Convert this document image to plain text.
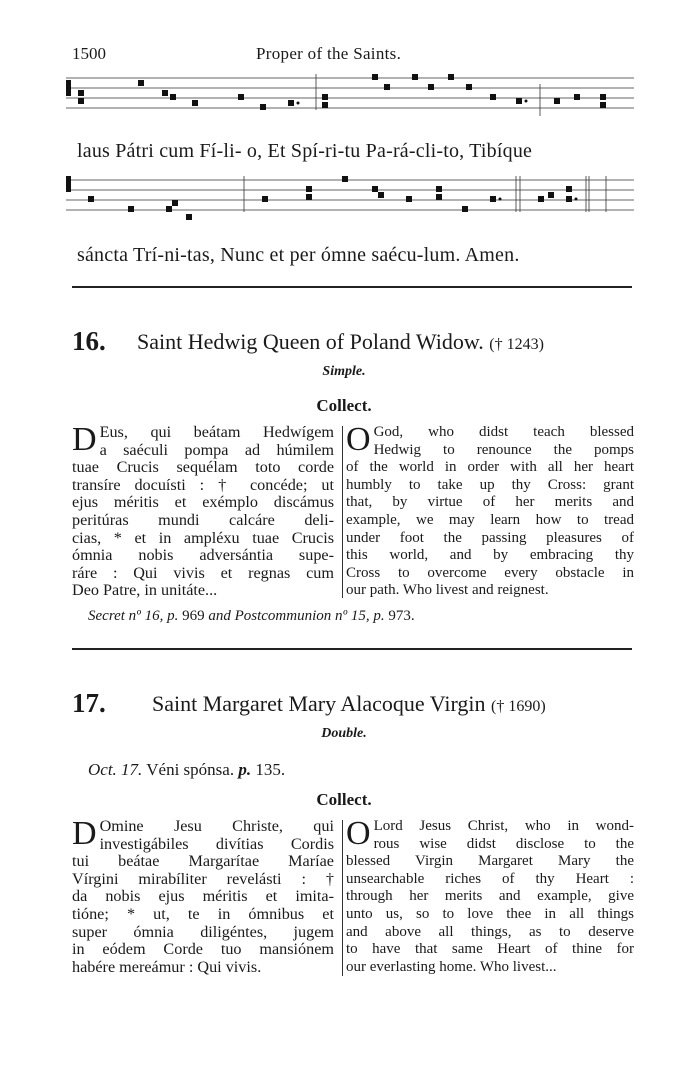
1500	Proper of the Saints.
laus Pátri cum Fí-li- o, Et Spí-ri-tu Pa-rá-cli-to, Tibíque
sáncta Trí-ni-tas, Nunc et per ómne saécu-lum. Amen.
16. Saint Hedwig Queen of Poland Widow. († 1243)
Simple.
Collect.
D Eus, qui beátam Hedwígem
a saéculi pompa ad húmilem
tuae Crucis sequélam toto corde
transíre docuísti : † concéde; ut
ejus méritis et exémplo discámus
peritúras mundi calcáre deli-
cias, * et in ampléxu tuae Crucis
ómnia nobis adversántia supe-
ráre : Qui vivis et regnas cum
Deo Patre, in unitáte...
O God, who didst teach blessed
Hedwig to renounce the pomps
of the world in order with all her heart
humbly to take up thy Cross: grant
that, by virtue of her merits and
example, we may learn how to tread
under foot the passing pleasures of
this world, and by embracing thy
Cross to overcome every obstacle in
our path. Who livest and reignest.
Secret nº 16, p. 969 and Postcommunion nº 15, p. 973.
17. Saint Margaret Mary Alacoque Virgin († 1690)
Double.
Oct. 17. Véni spónsa. p. 135.
Collect.
D Omine Jesu Christe, qui
investigábiles divítias Cordis
tui beátae Margarítae Maríae
Vírgini mirabíliter revelásti : †
da nobis ejus méritis et imita-
tióne; * ut, te in ómnibus et
super ómnia diligéntes, jugem
in eódem Corde tuo mansiónem
habére mereámur : Qui vivis.
O Lord Jesus Christ, who in wond-
rous wise didst disclose to the
blessed Virgin Margaret Mary the
unsearchable riches of thy Heart :
through her merits and example, give
unto us, so to love thee in all things
and above all things, as to deserve
to have that same Heart of thine for
our everlasting home. Who livest...
